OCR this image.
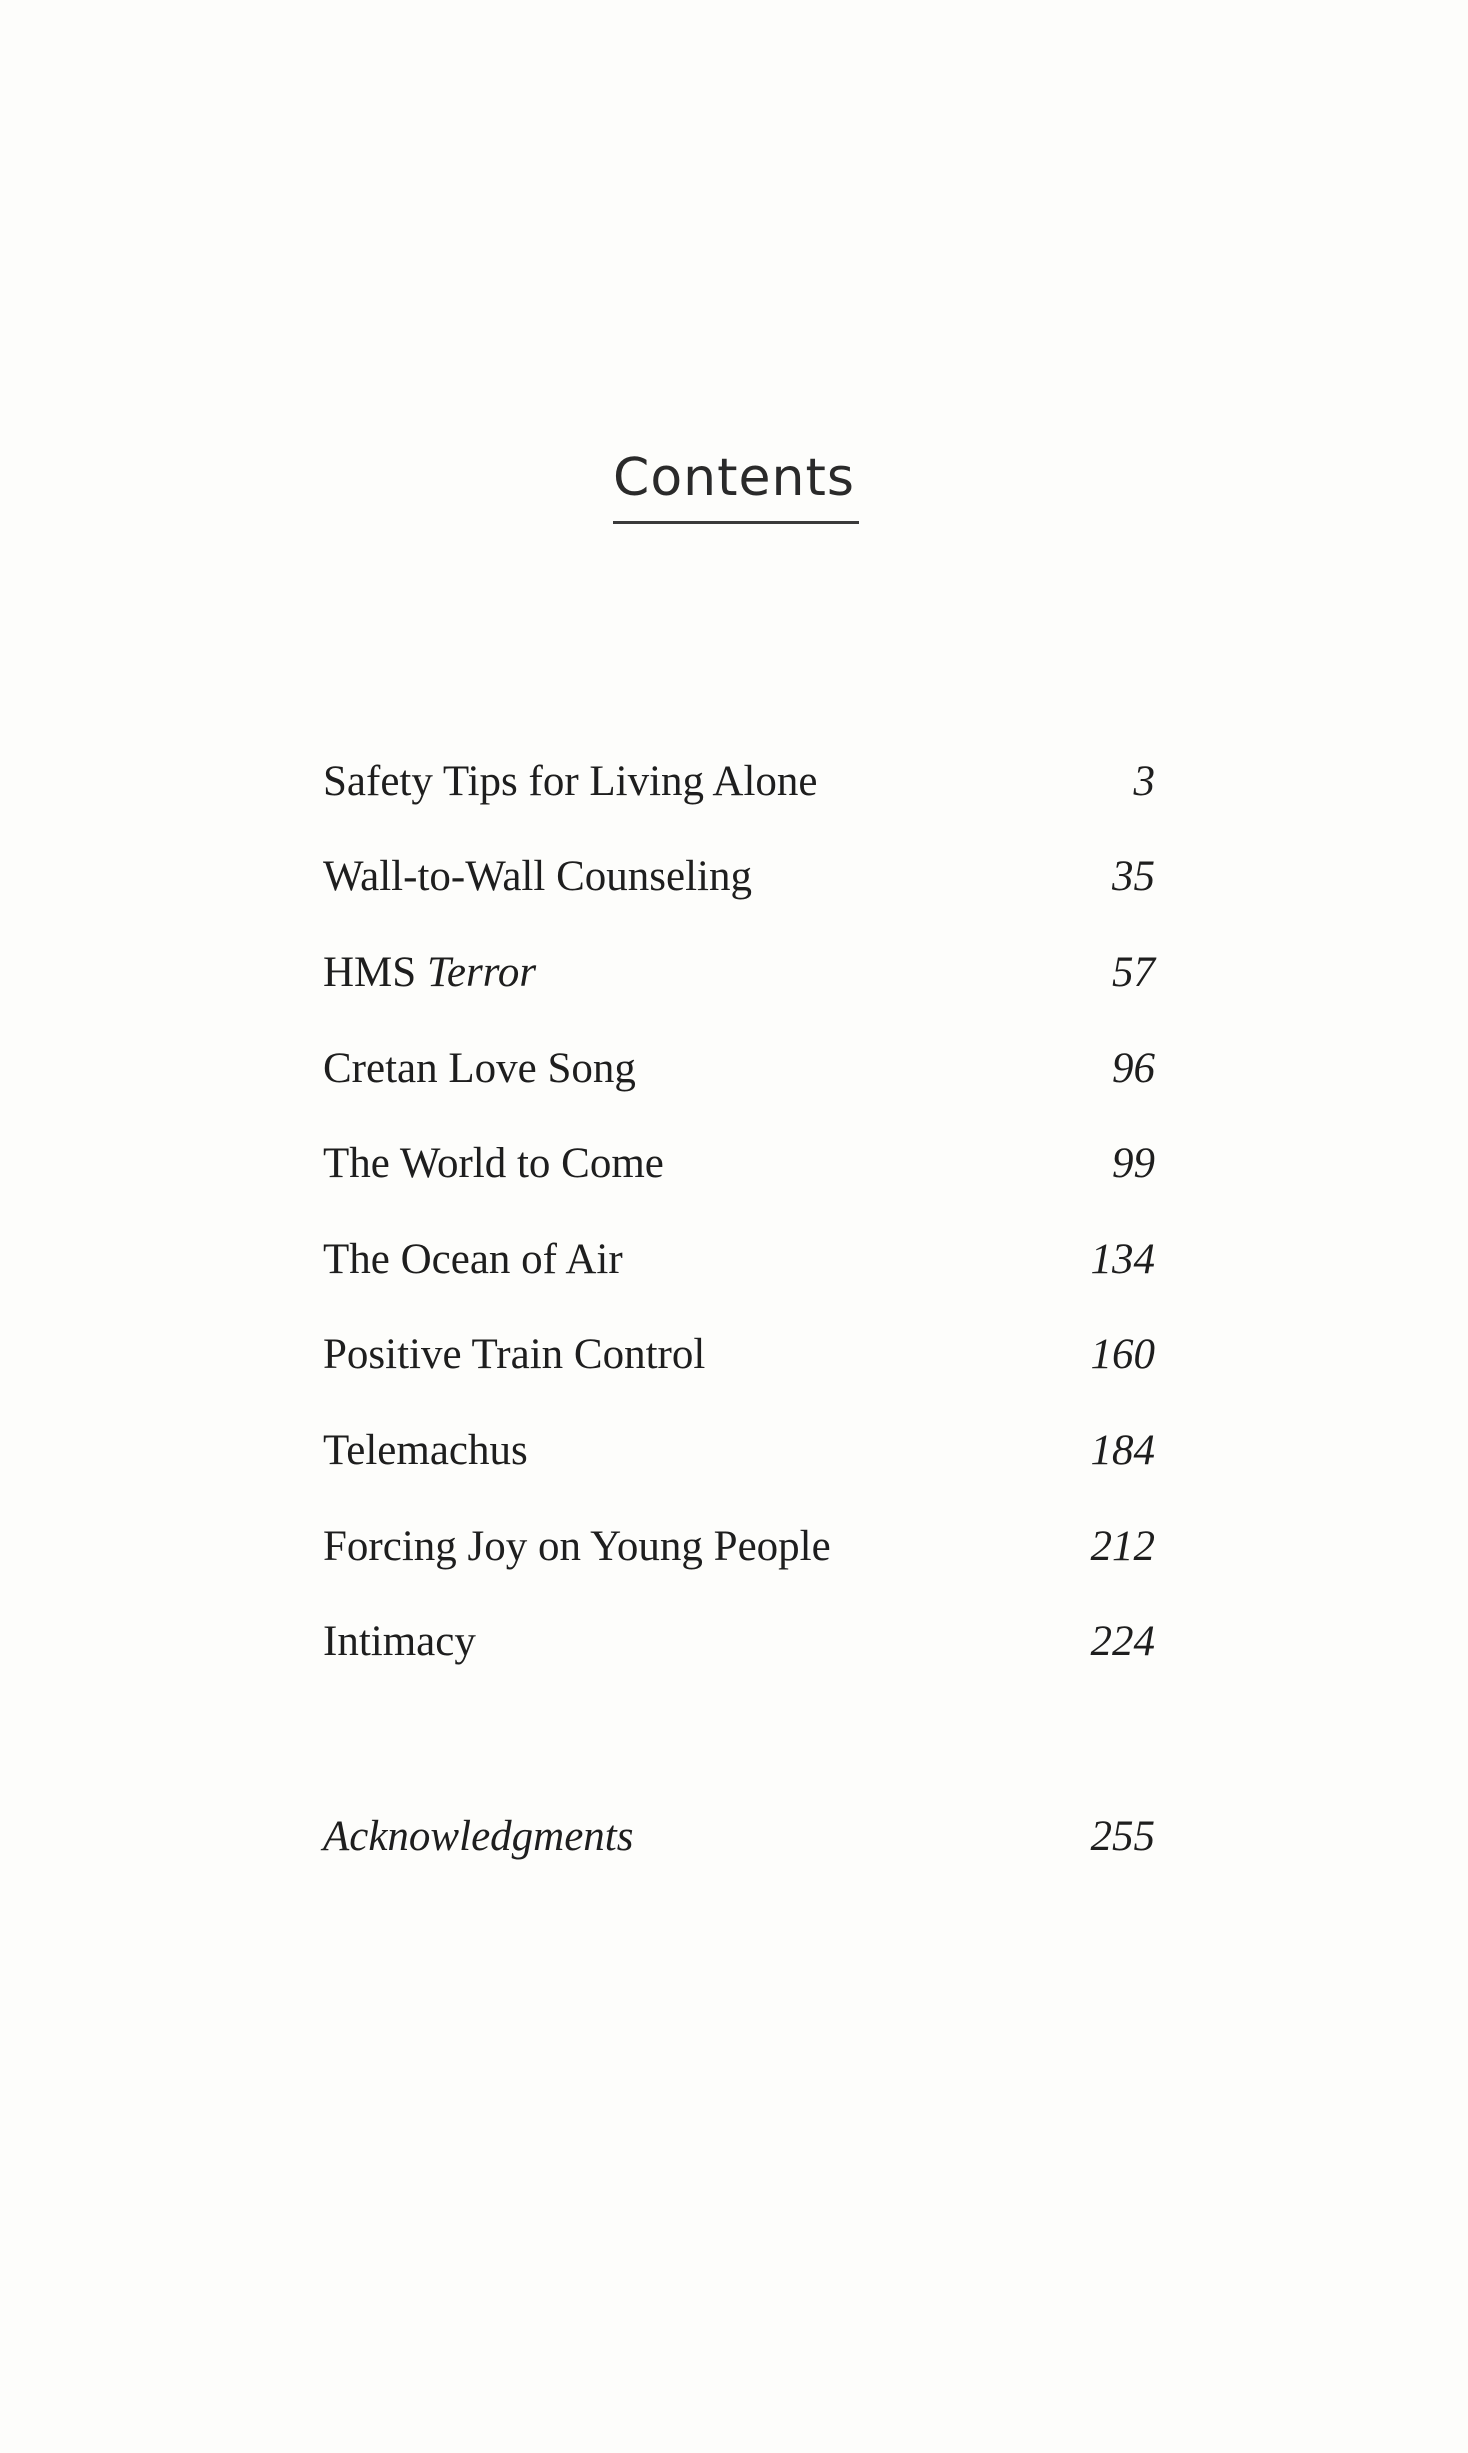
Contents
Safety Tips for Living Alone	3
Wall-to-Wall Counseling	35
HMS Terror	57
Cretan Love Song	96
The World to Come	99
The Ocean of Air	134
Positive Train Control	160
Telemachus	184
Forcing Joy on Young People	212
Intimacy	224
Acknowledgments	255
